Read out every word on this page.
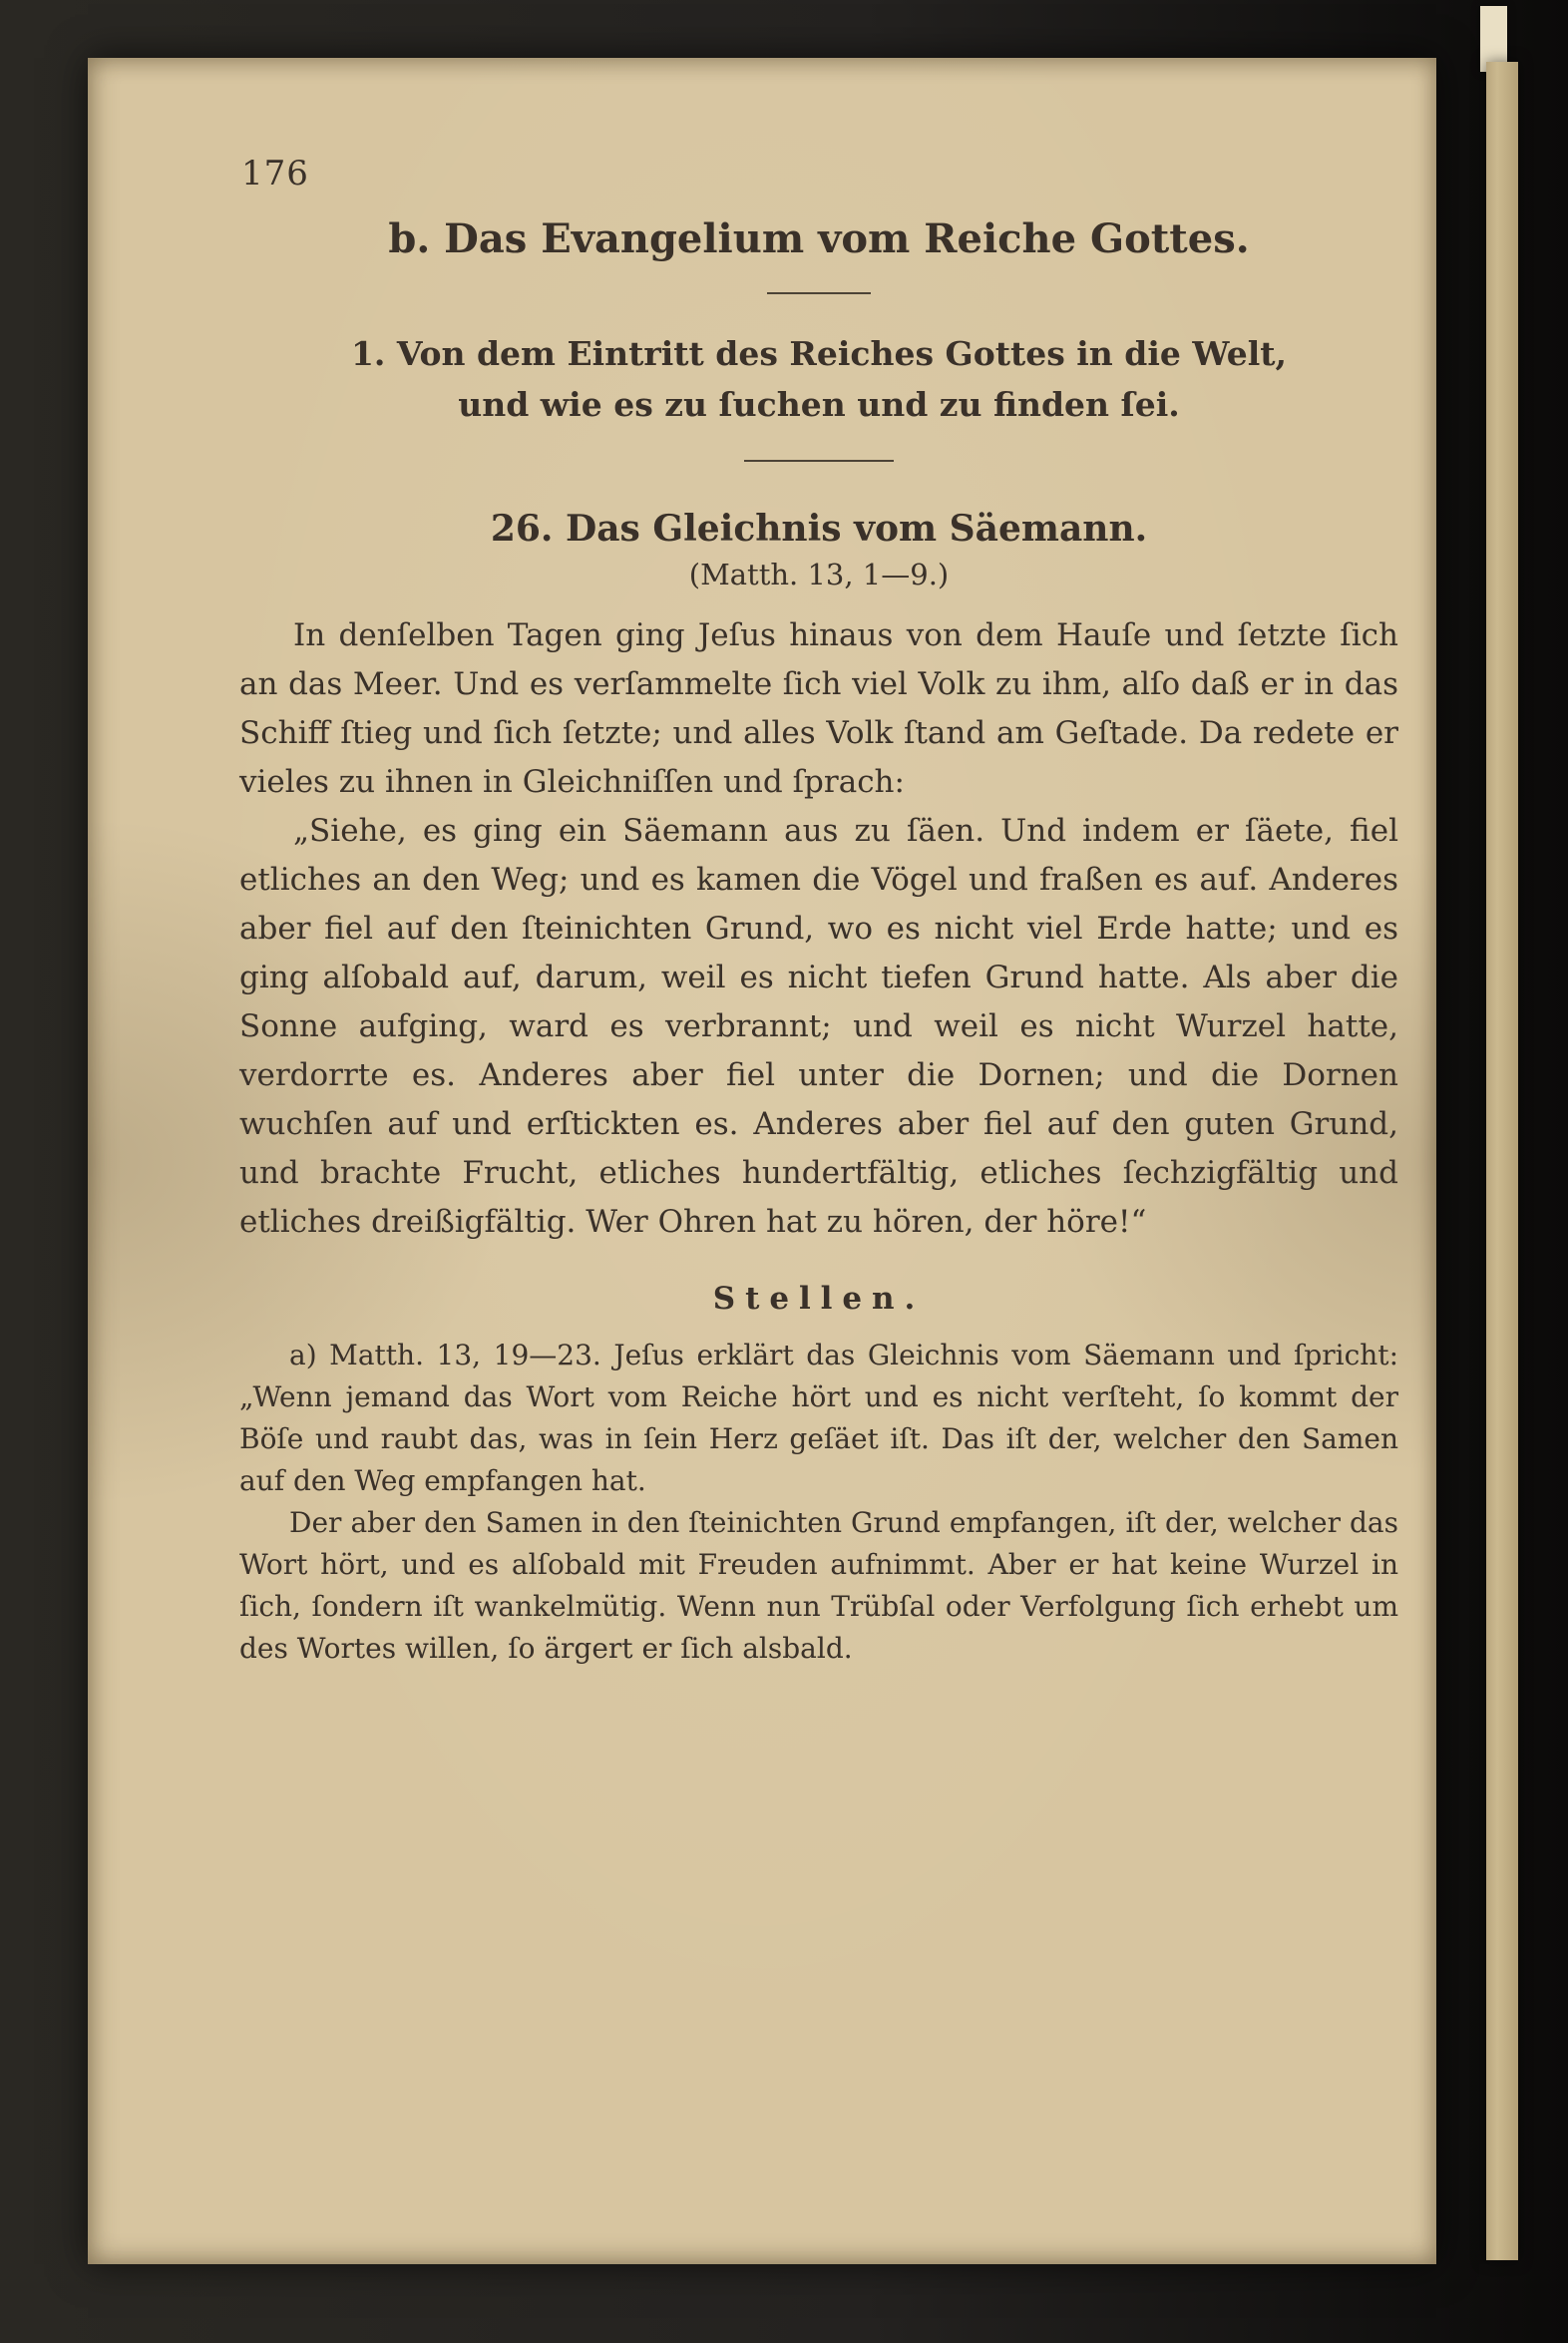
176
b. Das Evangelium vom Reiche Gottes.
1. Von dem Eintritt des Reiches Gottes in die Welt, und wie es zu ſuchen und zu finden ſei.
26. Das Gleichnis vom Säemann.
(Matth. 13, 1—9.)

In denſelben Tagen ging Jeſus hinaus von dem Hauſe und ſetzte ſich an das Meer. Und es verſammelte ſich viel Volk zu ihm, alſo daß er in das Schiff ſtieg und ſich ſetzte; und alles Volk ſtand am Geſtade. Da redete er vieles zu ihnen in Gleichniſſen und ſprach:

„Siehe, es ging ein Säemann aus zu ſäen. Und indem er ſäete, fiel etliches an den Weg; und es kamen die Vögel und fraßen es auf. Anderes aber fiel auf den ſteinichten Grund, wo es nicht viel Erde hatte; und es ging alſobald auf, darum, weil es nicht tiefen Grund hatte. Als aber die Sonne aufging, ward es verbrannt; und weil es nicht Wurzel hatte, verdorrte es. Anderes aber fiel unter die Dornen; und die Dornen wuchſen auf und erſtickten es. Anderes aber fiel auf den guten Grund, und brachte Frucht, etliches hundertfältig, etliches ſechzigfältig und etliches dreißigfältig. Wer Ohren hat zu hören, der höre!“

Stellen.

a) Matth. 13, 19—23. Jeſus erklärt das Gleichnis vom Säemann und ſpricht: „Wenn jemand das Wort vom Reiche hört und es nicht verſteht, ſo kommt der Böſe und raubt das, was in ſein Herz geſäet iſt. Das iſt der, welcher den Samen auf den Weg empfangen hat.

Der aber den Samen in den ſteinichten Grund empfangen, iſt der, welcher das Wort hört, und es alſobald mit Freuden aufnimmt. Aber er hat keine Wurzel in ſich, ſondern iſt wankelmütig. Wenn nun Trübſal oder Verfolgung ſich erhebt um des Wortes willen, ſo ärgert er ſich alsbald.
